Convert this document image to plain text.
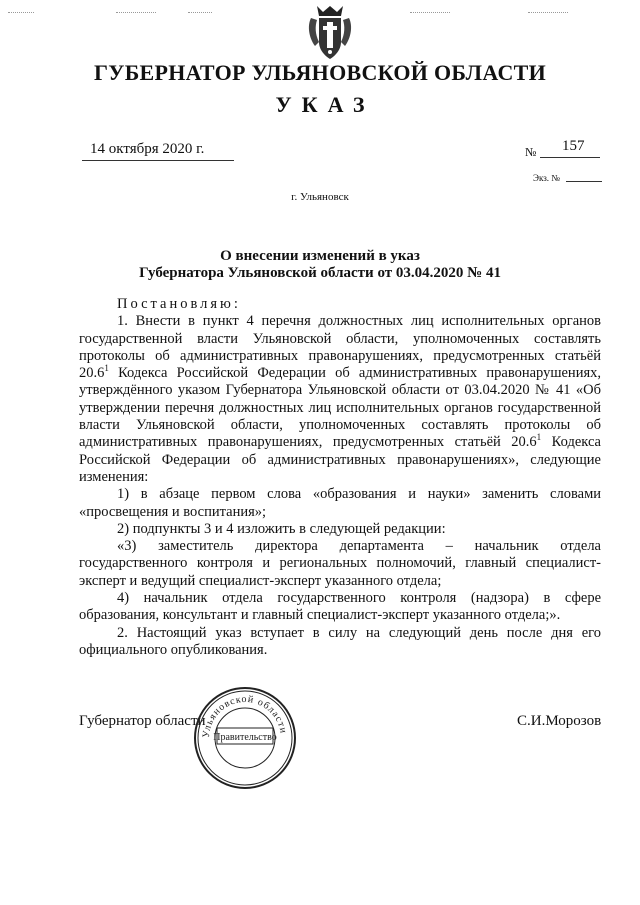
ГУБЕРНАТОР УЛЬЯНОВСКОЙ ОБЛАСТИ
УКАЗ
14 октября 2020 г.	№ 157
Экз. №
г. Ульяновск
О внесении изменений в указ
Губернатора Ульяновской области от 03.04.2020 № 41

Постановляю:

1. Внести в пункт 4 перечня должностных лиц исполнительных органов государственной власти Ульяновской области, уполномоченных составлять протоколы об административных правонарушениях, предусмотренных статьёй 20.6$^1$ Кодекса Российской Федерации об административных правонарушениях, утверждённого указом Губернатора Ульяновской области от 03.04.2020 № 41 «Об утверждении перечня должностных лиц исполнительных органов государственной власти Ульяновской области, уполномоченных составлять протоколы об административных правонарушениях, предусмотренных статьёй 20.6$^1$ Кодекса Российской Федерации об административных правонарушениях», следующие изменения:

1) в абзаце первом слова «образования и науки» заменить словами «просвещения и воспитания»;

2) подпункты 3 и 4 изложить в следующей редакции:

«3) заместитель директора департамента – начальник отдела государственного контроля и региональных полномочий, главный специалист-эксперт и ведущий специалист-эксперт указанного отдела;

4) начальник отдела государственного контроля (надзора) в сфере образования, консультант и главный специалист-эксперт указанного отдела;».

2. Настоящий указ вступает в силу на следующий день после дня его официального опубликования.

Губернатор области	С.И.Морозов
Ульяновской области
Правительство
